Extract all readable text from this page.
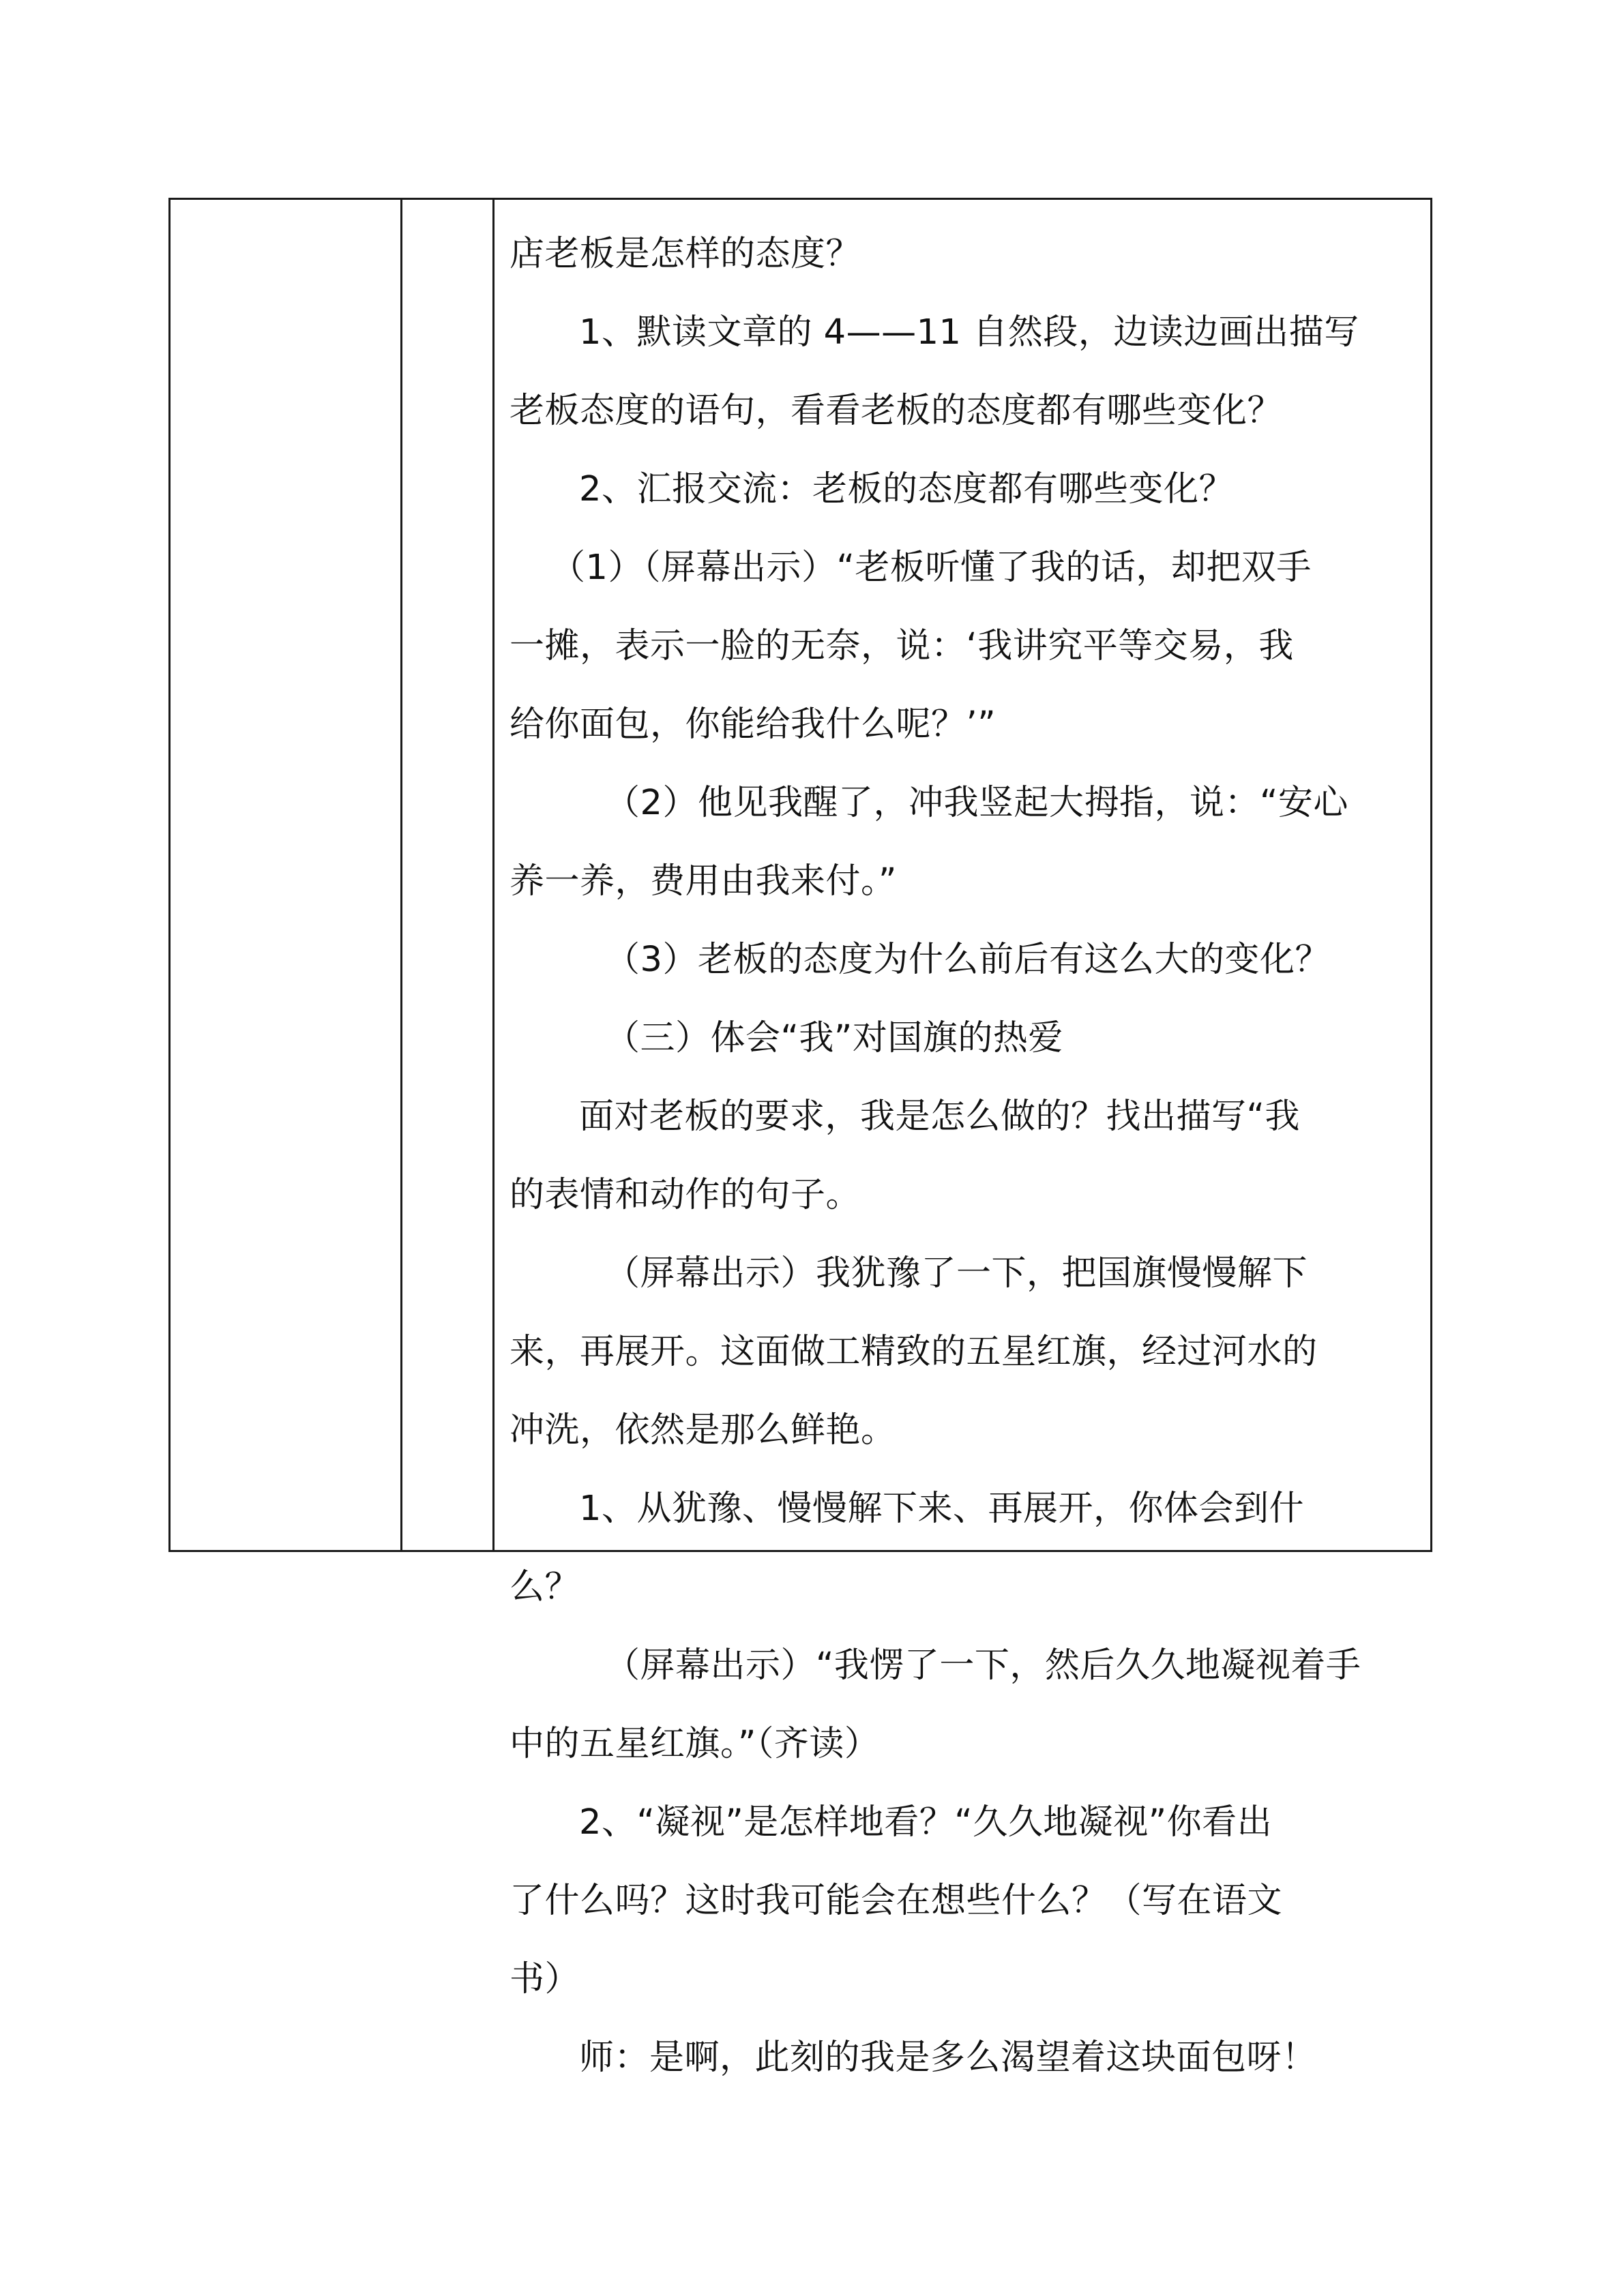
店老板是怎样的态度？
1、默读文章的 4——11 自然段，边读边画出描写
老板态度的语句，看看老板的态度都有哪些变化？
2、汇报交流：老板的态度都有哪些变化？
（1）（屏幕出示）“老板听懂了我的话，却把双手
一摊，表示一脸的无奈，说：‘我讲究平等交易，我
给你面包，你能给我什么呢？’”
（2）他见我醒了，冲我竖起大拇指，说：“安心
养一养，费用由我来付。”
（3）老板的态度为什么前后有这么大的变化？
（三）体会“我”对国旗的热爱
面对老板的要求，我是怎么做的？找出描写“我
的表情和动作的句子。
（屏幕出示）我犹豫了一下，把国旗慢慢解下
来，再展开。这面做工精致的五星红旗，经过河水的
冲洗，依然是那么鲜艳。
1、从犹豫、慢慢解下来、再展开，你体会到什
么？
（屏幕出示）“我愣了一下，然后久久地凝视着手
中的五星红旗。”（齐读）
2、“凝视”是怎样地看？“久久地凝视”你看出
了什么吗？这时我可能会在想些什么？（写在语文
书）
师：是啊，此刻的我是多么渴望着这块面包呀！
